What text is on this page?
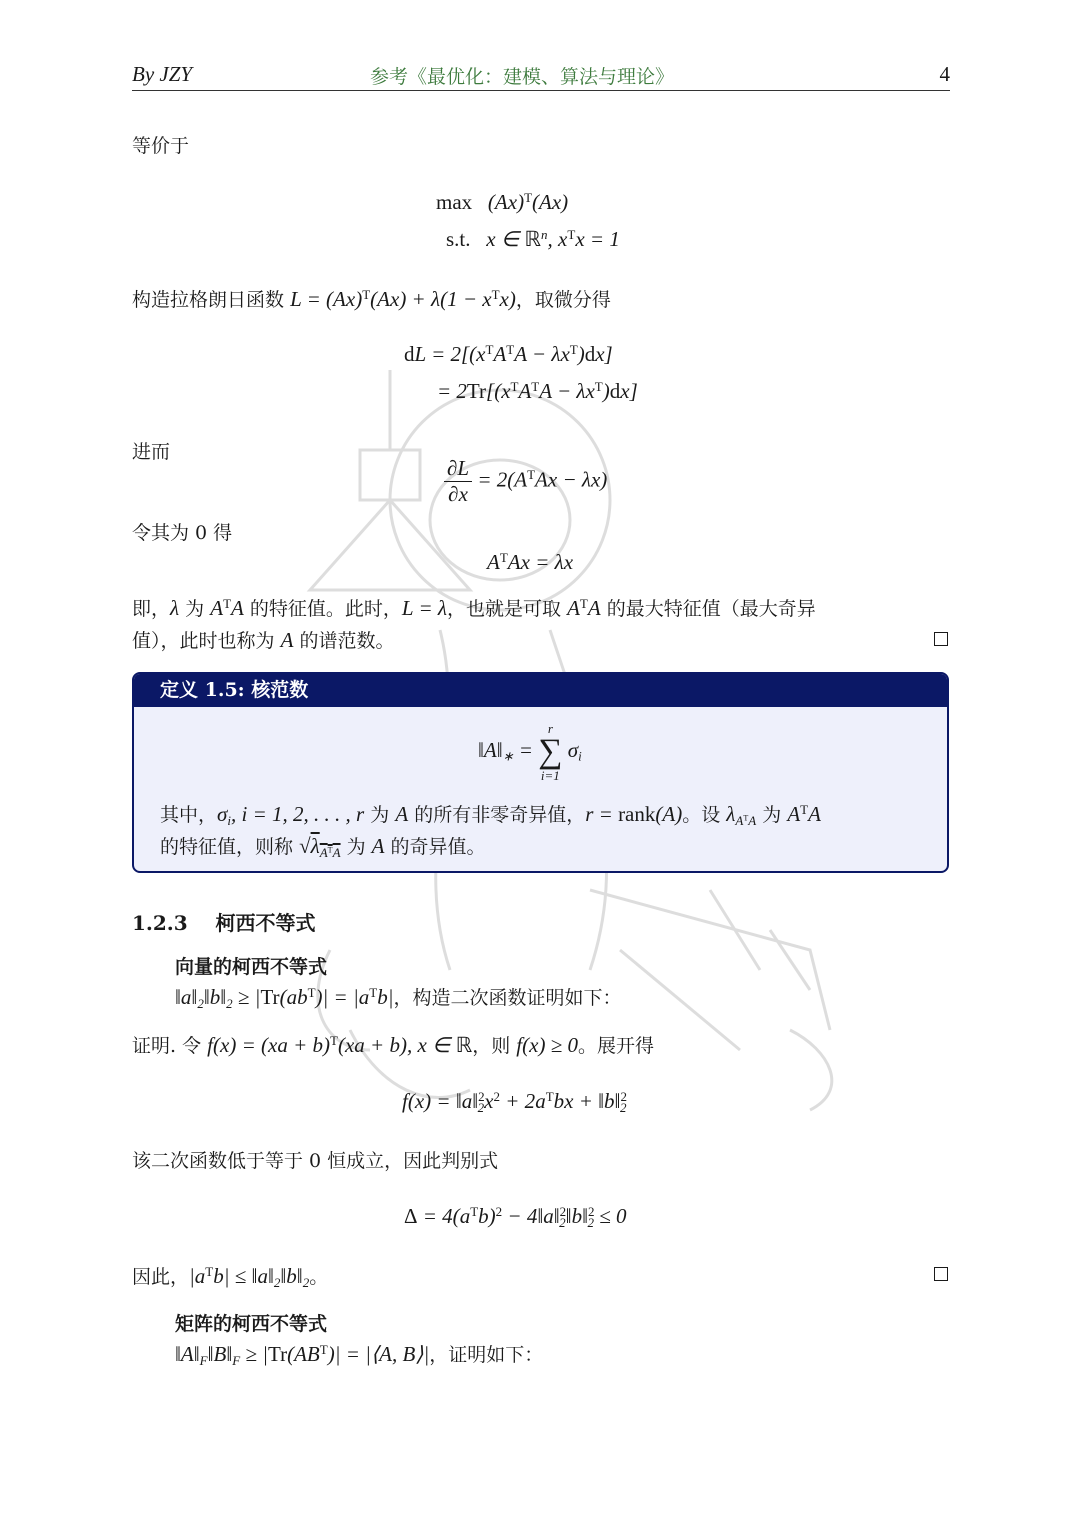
By JZY	参考《最优化：建模、算法与理论》	4
等价于
$\max (Ax)^T(Ax)$
s.t. x ∈ ℝ$^n$, $x^Tx = 1$
构造拉格朗日函数 $L = (Ax)^T(Ax) + \lambda(1 - x^Tx)$，取微分得
dL = $2[(x^TA^TA - \lambda x^T)dx]$
= $2Tr[(x^TA^TA - \lambda x^T)dx]$
进而
$\frac{\partial L}{\partial x} = 2(A^TAx - \lambda x)$
令其为 0 得
$A^TAx = \lambda x$
即，λ 为 $A^TA$ 的特征值。此时，L = λ，也就是可取 $A^TA$ 的最大特征值（最大奇异
值），此时也称为 A 的谱范数。
定义 1.5: 核范数
$‖A‖_∗$ =
r
∑
i=1
$\sigma_i$
其中，$\sigma_i$, i = 1, 2, . . . , r 为 A 的所有非零奇异值，r = rank(A)。设 $\lambda_{A^TA}$ 为 $A^TA$
的特征值，则称 $√\lambda_{A^TA}$ 为 A 的奇异值。
1.2.3 柯西不等式
向量的柯西不等式
$‖a‖_2‖b‖_2 \ge |Tr(ab^T)| = |a^Tb|$，构造二次函数证明如下：
证明. 令 f(x) = (xa + b)$^T$(xa + b), x ∈ ℝ，则 f(x) ≥ 0。展开得
$f(x) = ‖a‖^2_2x^2 + 2a^Tbx$ + ‖b‖$^2_2$
该二次函数低于等于 0 恒成立，因此判别式
$\Delta = 4(a^Tb)^2$ − 4‖a‖$^2_2$‖b‖$^2_2$ ≤ 0
因此，$|a^Tb|$ ≤ $‖a‖_2‖b‖_2$。
矩阵的柯西不等式
$‖A‖_F‖B‖_F \ge |Tr(AB^T)|$ = |⟨A, B⟩|，证明如下：
